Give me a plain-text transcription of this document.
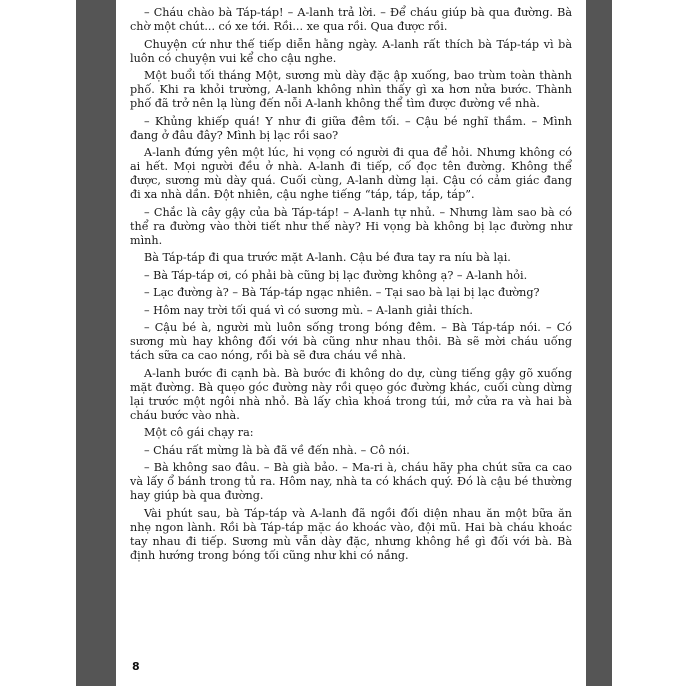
– Cháu chào bà Táp-táp! – A-lanh trả lời. – Để cháu giúp bà qua đường. Bà chờ một chút... có xe tới. Rồi... xe qua rồi. Qua được rồi.

Chuyện cứ như thế tiếp diễn hằng ngày. A-lanh rất thích bà Táp-táp vì bà luôn có chuyện vui kể cho cậu nghe.

Một buổi tối tháng Một, sương mù dày đặc ập xuống, bao trùm toàn thành phố. Khi ra khỏi trường, A-lanh không nhìn thấy gì xa hơn nửa bước. Thành phố đã trở nên lạ lùng đến nỗi A-lanh không thể tìm được đường về nhà.

– Khủng khiếp quá! Y như đi giữa đêm tối. – Cậu bé nghĩ thầm. – Mình đang ở đâu đây? Mình bị lạc rồi sao?

A-lanh đứng yên một lúc, hi vọng có người đi qua để hỏi. Nhưng không có ai hết. Mọi người đều ở nhà. A-lanh đi tiếp, cố đọc tên đường. Không thể được, sương mù dày quá. Cuối cùng, A-lanh dừng lại. Cậu có cảm giác đang đi xa nhà dần. Đột nhiên, cậu nghe tiếng “táp, táp, táp, táp”.

– Chắc là cây gậy của bà Táp-táp! – A-lanh tự nhủ. – Nhưng làm sao bà có thể ra đường vào thời tiết như thế này? Hi vọng bà không bị lạc đường như mình.

Bà Táp-táp đi qua trước mặt A-lanh. Cậu bé đưa tay ra níu bà lại.

– Bà Táp-táp ơi, có phải bà cũng bị lạc đường không ạ? – A-lanh hỏi.

– Lạc đường à? – Bà Táp-táp ngạc nhiên. – Tại sao bà lại bị lạc đường?

– Hôm nay trời tối quá vì có sương mù. – A-lanh giải thích.

– Cậu bé à, người mù luôn sống trong bóng đêm. – Bà Táp-táp nói. – Có sương mù hay không đối với bà cũng như nhau thôi. Bà sẽ mời cháu uống tách sữa ca cao nóng, rồi bà sẽ đưa cháu về nhà.

A-lanh bước đi cạnh bà. Bà bước đi không do dự, cùng tiếng gậy gõ xuống mặt đường. Bà quẹo góc đường này rồi quẹo góc đường khác, cuối cùng dừng lại trước một ngôi nhà nhỏ. Bà lấy chìa khoá trong túi, mở cửa ra và hai bà cháu bước vào nhà.

Một cô gái chạy ra:

– Cháu rất mừng là bà đã về đến nhà. – Cô nói.

– Bà không sao đâu. – Bà già bảo. – Ma-ri à, cháu hãy pha chút sữa ca cao và lấy ổ bánh trong tủ ra. Hôm nay, nhà ta có khách quý. Đó là cậu bé thường hay giúp bà qua đường.

Vài phút sau, bà Táp-táp và A-lanh đã ngồi đối diện nhau ăn một bữa ăn nhẹ ngon lành. Rồi bà Táp-táp mặc áo khoác vào, đội mũ. Hai bà cháu khoác tay nhau đi tiếp. Sương mù vẫn dày đặc, nhưng không hề gì đối với bà. Bà định hướng trong bóng tối cũng như khi có nắng.

8
